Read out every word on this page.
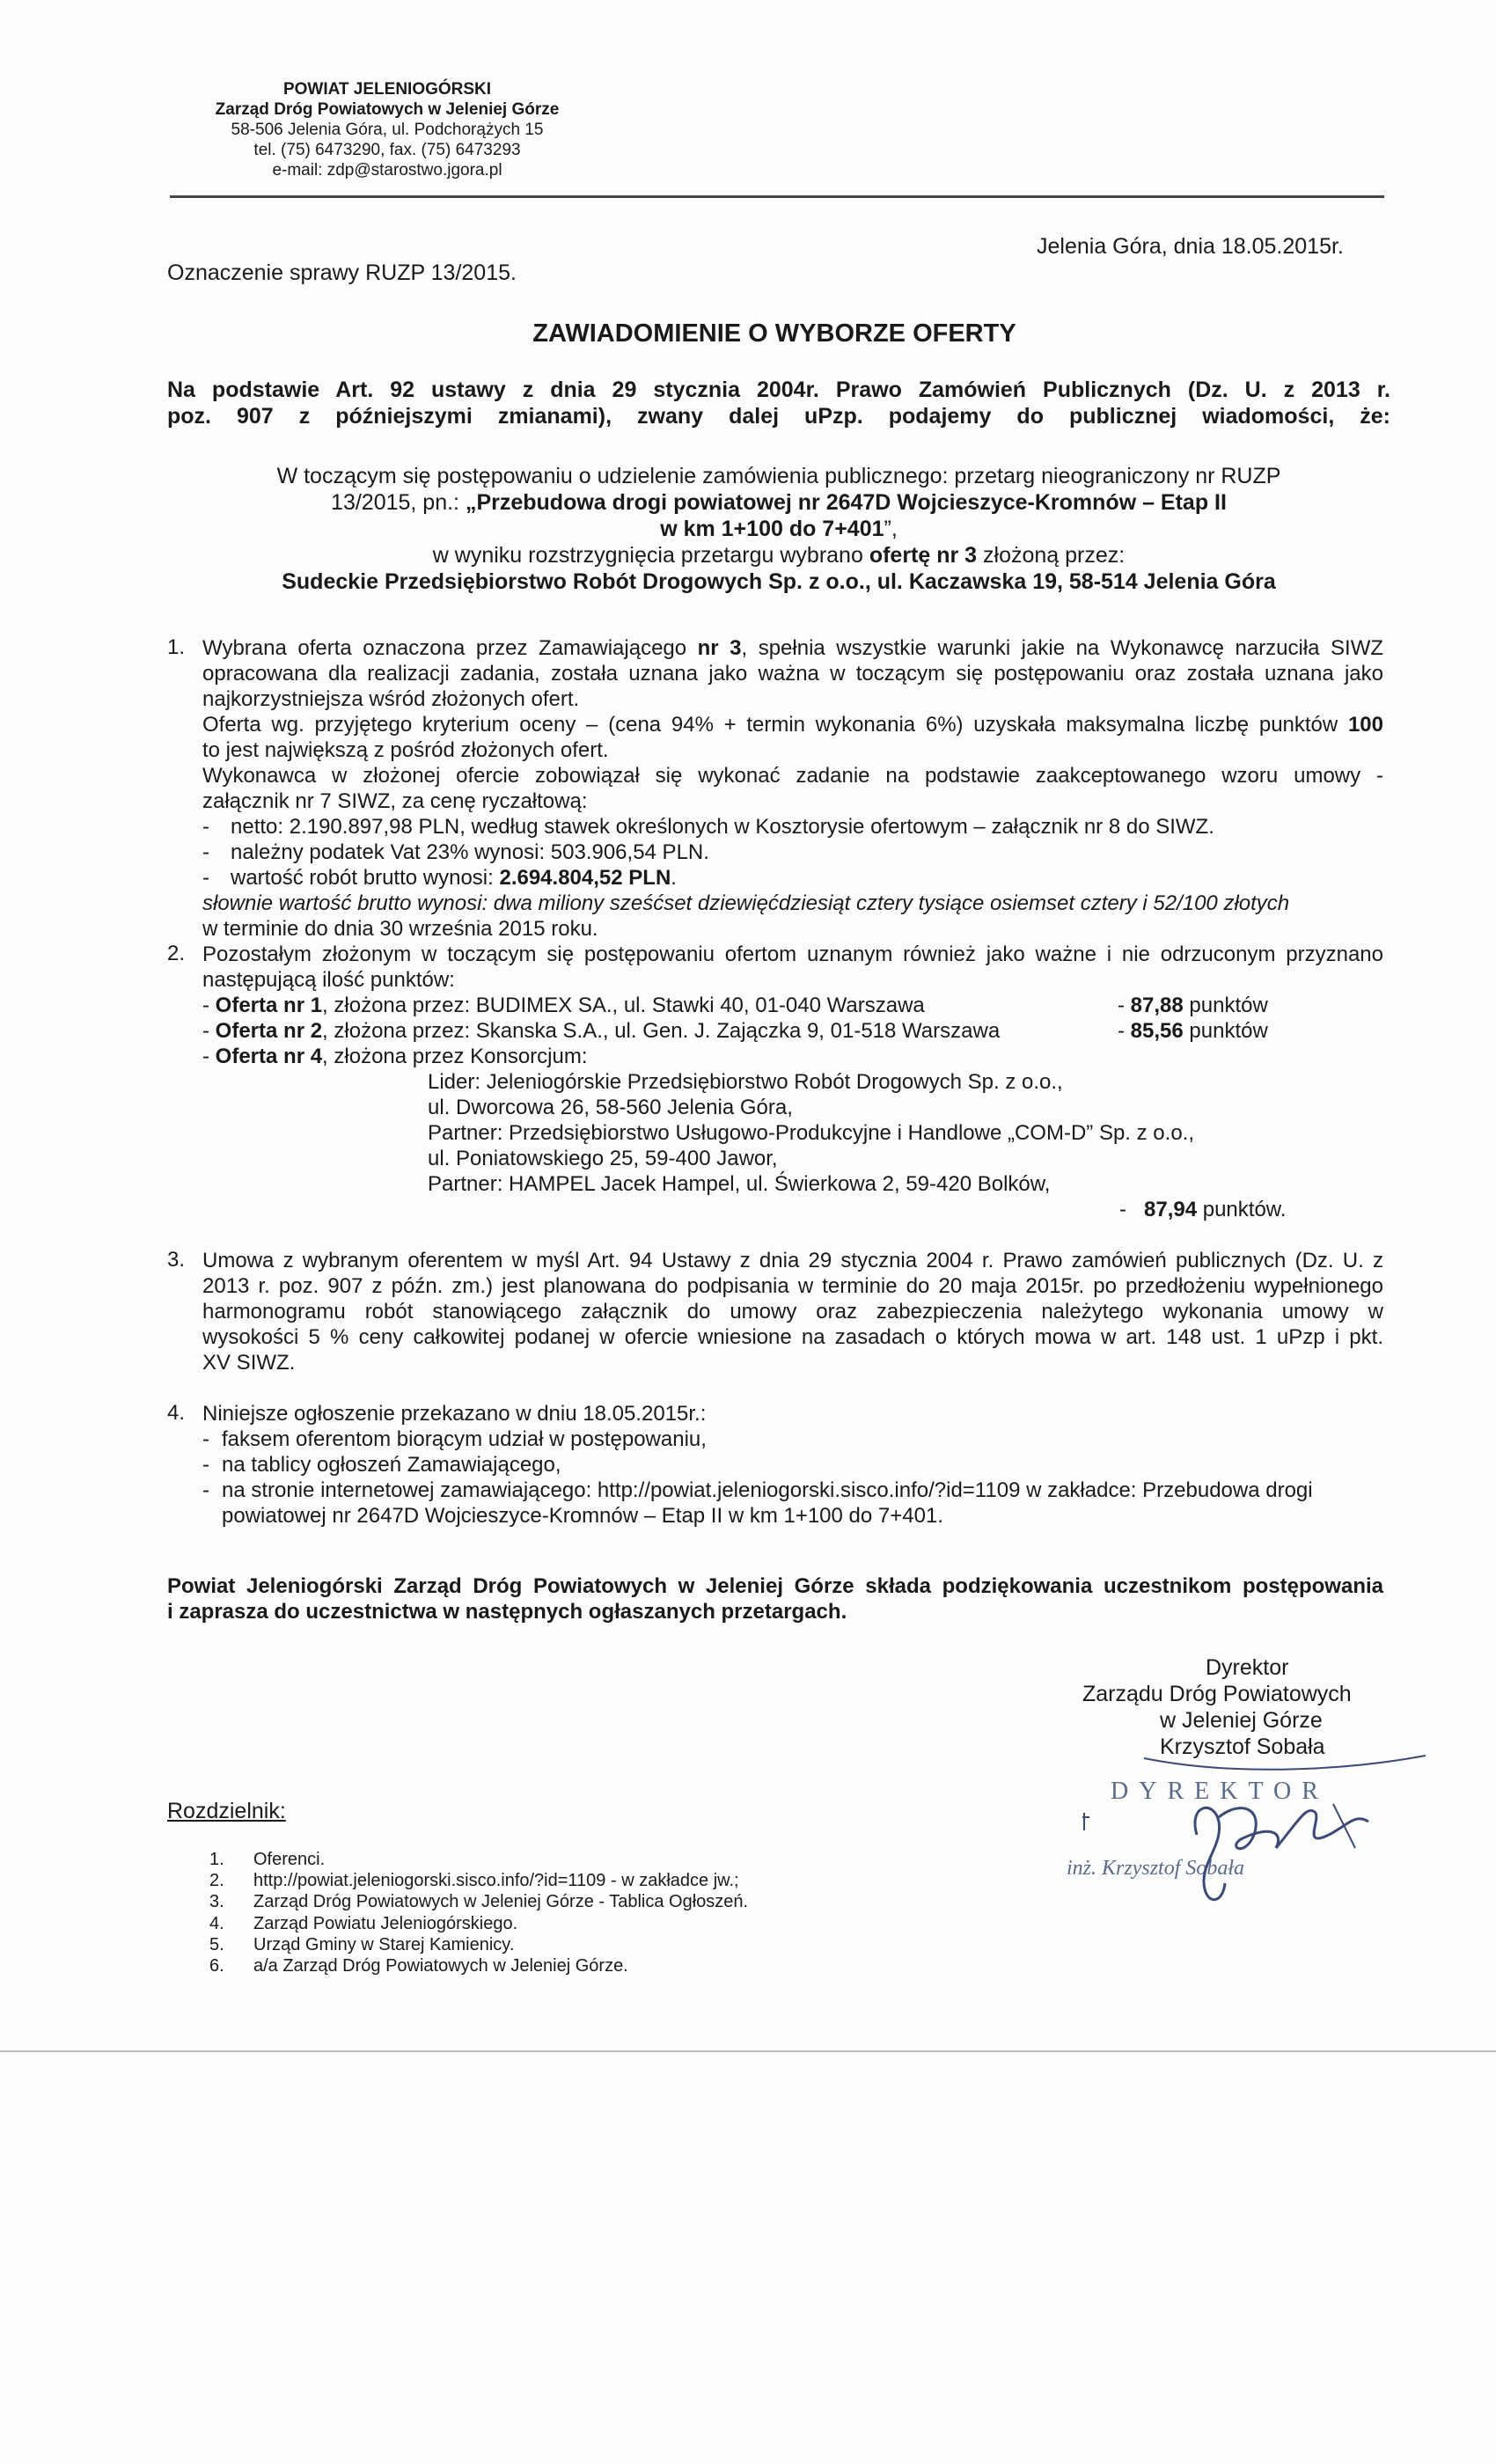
POWIAT JELENIOGÓRSKI
Zarząd Dróg Powiatowych w Jeleniej Górze
58-506 Jelenia Góra, ul. Podchorążych 15
tel. (75) 6473290, fax. (75) 6473293
e-mail: zdp@starostwo.jgora.pl
Jelenia Góra, dnia 18.05.2015r.
Oznaczenie sprawy RUZP 13/2015.
ZAWIADOMIENIE O WYBORZE OFERTY
Na podstawie Art. 92 ustawy z dnia 29 stycznia 2004r. Prawo Zamówień Publicznych (Dz. U. z 2013 r.
poz. 907 z późniejszymi zmianami), zwany dalej uPzp. podajemy do publicznej wiadomości, że:
W toczącym się postępowaniu o udzielenie zamówienia publicznego: przetarg nieograniczony nr RUZP
13/2015, pn.: „Przebudowa drogi powiatowej nr 2647D Wojcieszyce-Kromnów – Etap II
w km 1+100 do 7+401”,
w wyniku rozstrzygnięcia przetargu wybrano ofertę nr 3 złożoną przez:
Sudeckie Przedsiębiorstwo Robót Drogowych Sp. z o.o., ul. Kaczawska 19, 58-514 Jelenia Góra
1. Wybrana oferta oznaczona przez Zamawiającego nr 3, spełnia wszystkie warunki jakie na Wykonawcę narzuciła SIWZ
opracowana dla realizacji zadania, została uznana jako ważna w toczącym się postępowaniu oraz została uznana jako
najkorzystniejsza wśród złożonych ofert.
Oferta wg. przyjętego kryterium oceny – (cena 94% + termin wykonania 6%) uzyskała maksymalna liczbę punktów 100
to jest największą z pośród złożonych ofert.
Wykonawca w złożonej ofercie zobowiązał się wykonać zadanie na podstawie zaakceptowanego wzoru umowy -
załącznik nr 7 SIWZ, za cenę ryczałtową:
- netto: 2.190.897,98 PLN, według stawek określonych w Kosztorysie ofertowym – załącznik nr 8 do SIWZ.
- należny podatek Vat 23% wynosi: 503.906,54 PLN.
- wartość robót brutto wynosi: 2.694.804,52 PLN.
słownie wartość brutto wynosi: dwa miliony sześćset dziewięćdziesiąt cztery tysiące osiemset cztery i 52/100 złotych
w terminie do dnia 30 września 2015 roku.
2. Pozostałym złożonym w toczącym się postępowaniu ofertom uznanym również jako ważne i nie odrzuconym przyznano
następującą ilość punktów:
- Oferta nr 1, złożona przez: BUDIMEX SA., ul. Stawki 40, 01-040 Warszawa	- 87,88 punktów
- Oferta nr 2, złożona przez: Skanska S.A., ul. Gen. J. Zajączka 9, 01-518 Warszawa	- 85,56 punktów
- Oferta nr 4, złożona przez Konsorcjum:
Lider: Jeleniogórskie Przedsiębiorstwo Robót Drogowych Sp. z o.o.,
ul. Dworcowa 26, 58-560 Jelenia Góra,
Partner: Przedsiębiorstwo Usługowo-Produkcyjne i Handlowe „COM-D” Sp. z o.o.,
ul. Poniatowskiego 25, 59-400 Jawor,
Partner: HAMPEL Jacek Hampel, ul. Świerkowa 2, 59-420 Bolków,
-   87,94 punktów.
3. Umowa z wybranym oferentem w myśl Art. 94 Ustawy z dnia 29 stycznia 2004 r. Prawo zamówień publicznych (Dz. U. z
2013 r. poz. 907 z późn. zm.) jest planowana do podpisania w terminie do 20 maja 2015r. po przedłożeniu wypełnionego
harmonogramu robót stanowiącego załącznik do umowy oraz zabezpieczenia należytego wykonania umowy w
wysokości 5 % ceny całkowitej podanej w ofercie wniesione na zasadach o których mowa w art. 148 ust. 1 uPzp i pkt.
XV SIWZ.
4. Niniejsze ogłoszenie przekazano w dniu 18.05.2015r.:
- faksem oferentom biorącym udział w postępowaniu,
- na tablicy ogłoszeń Zamawiającego,
- na stronie internetowej zamawiającego: http://powiat.jeleniogorski.sisco.info/?id=1109 w zakładce: Przebudowa drogi
powiatowej nr 2647D Wojcieszyce-Kromnów – Etap II w km 1+100 do 7+401.
Powiat Jeleniogórski Zarząd Dróg Powiatowych w Jeleniej Górze składa podziękowania uczestnikom postępowania
i zaprasza do uczestnictwa w następnych ogłaszanych przetargach.
Dyrektor
Zarządu Dróg Powiatowych
w Jeleniej Górze
Krzysztof Sobała
DYREKTOR
inż. Krzysztof Sobała
Rozdzielnik:
1. Oferenci.
2. http://powiat.jeleniogorski.sisco.info/?id=1109 - w zakładce jw.;
3. Zarząd Dróg Powiatowych w Jeleniej Górze - Tablica Ogłoszeń.
4. Zarząd Powiatu Jeleniogórskiego.
5. Urząd Gminy w Starej Kamienicy.
6. a/a Zarząd Dróg Powiatowych w Jeleniej Górze.
